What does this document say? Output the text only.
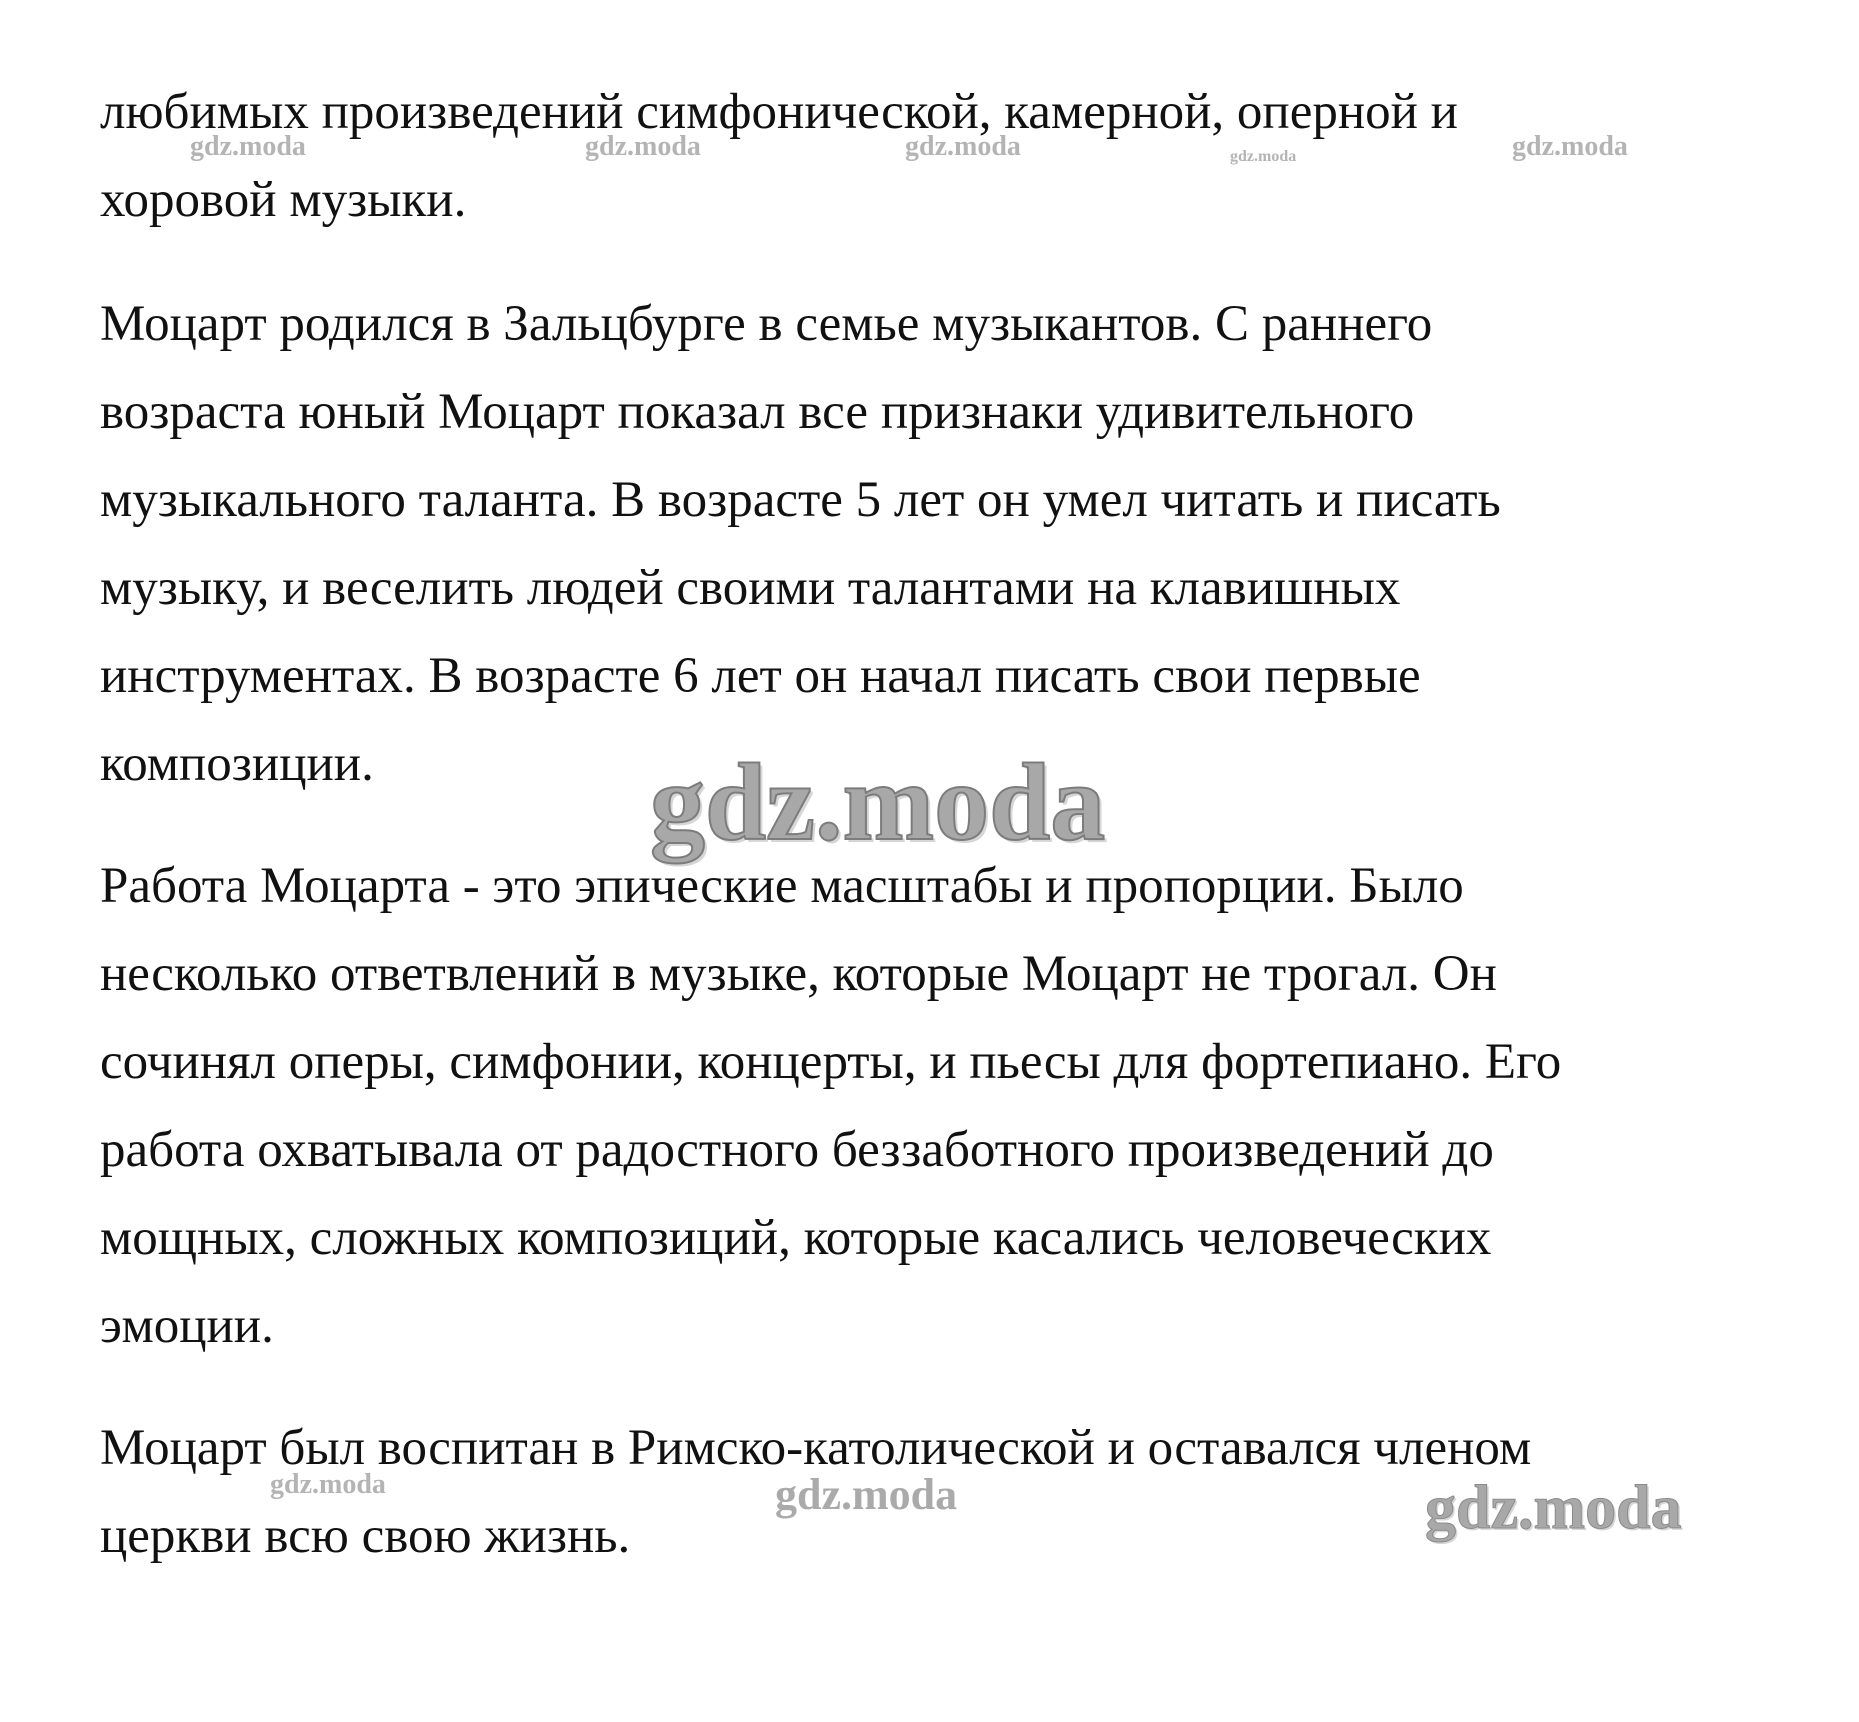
любимых произведений симфонической, камерной, оперной и

хоровой музыки.

Моцарт родился в Зальцбурге в семье музыкантов. С раннего

возраста юный Моцарт показал все признаки удивительного

музыкального таланта. В возрасте 5 лет он умел читать и писать

музыку, и веселить людей своими талантами на клавишных

инструментах. В возрасте 6 лет он начал писать свои первые

композиции.

Работа Моцарта - это эпические масштабы и пропорции. Было

несколько ответвлений в музыке, которые Моцарт не трогал. Он

сочинял оперы, симфонии, концерты, и пьесы для фортепиано. Его

работа охватывала от радостного беззаботного произведений до

мощных, сложных композиций, которые касались человеческих

эмоции.

Моцарт был воспитан в Римско-католической и оставался членом

церкви всю свою жизнь.

gdz.moda	gdz.moda	gdz.moda	gdz.moda	gdz.moda
gdz.moda
gdz.moda	gdz.moda	gdz.moda
